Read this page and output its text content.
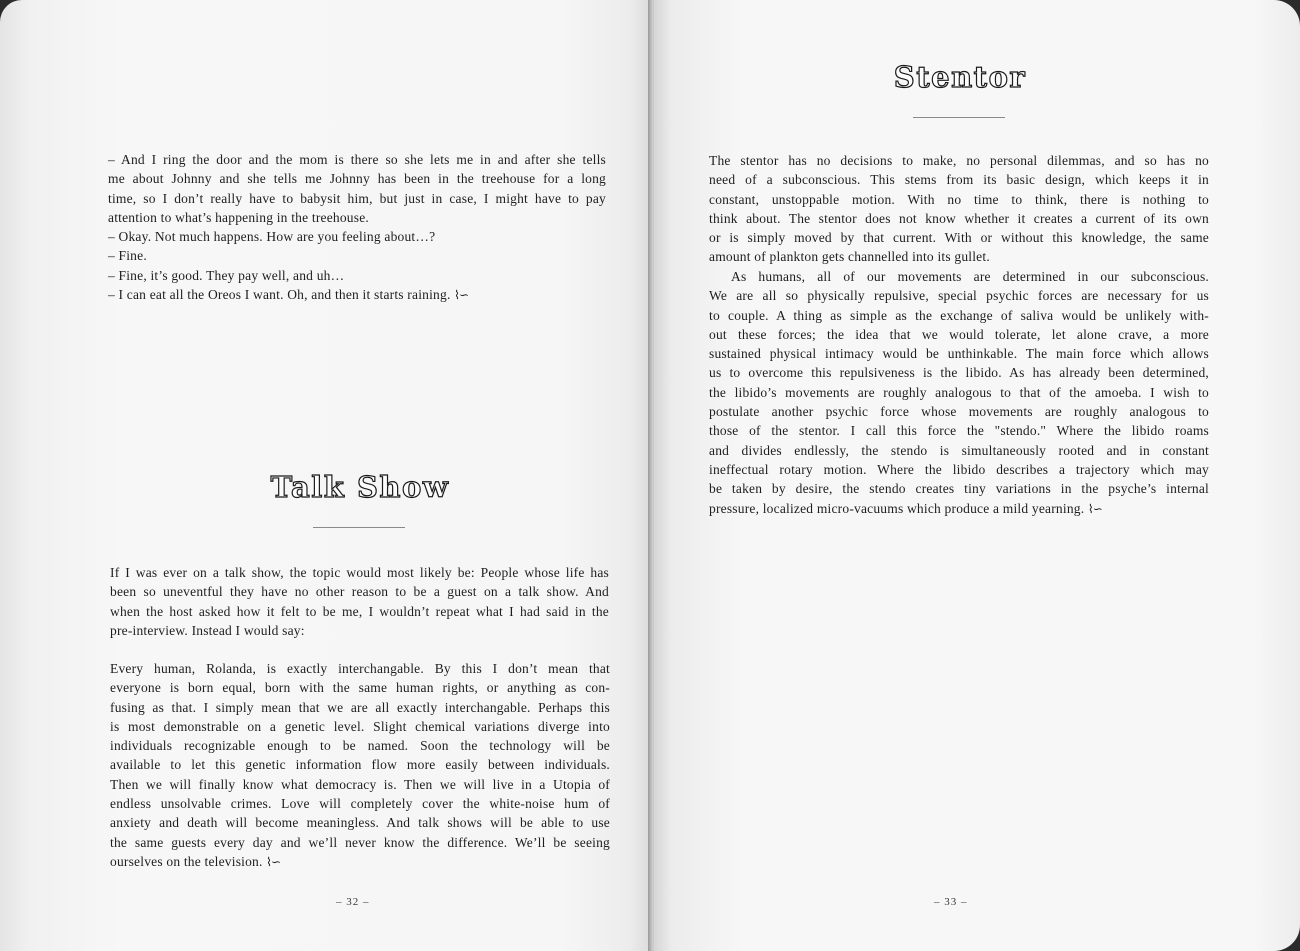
– And I ring the door and the mom is there so she lets me in and after she tells
me about Johnny and she tells me Johnny has been in the treehouse for a long
time, so I don’t really have to babysit him, but just in case, I might have to pay
attention to what’s happening in the treehouse.
– Okay. Not much happens. How are you feeling about…?
– Fine.
– Fine, it’s good. They pay well, and uh…
– I can eat all the Oreos I want. Oh, and then it starts raining. ⌇∽
Talk Show
If I was ever on a talk show, the topic would most likely be: People whose life has
been so uneventful they have no other reason to be a guest on a talk show. And
when the host asked how it felt to be me, I wouldn’t repeat what I had said in the
pre-interview. Instead I would say:
Every human, Rolanda, is exactly interchangable. By this I don’t mean that
everyone is born equal, born with the same human rights, or anything as con-
fusing as that. I simply mean that we are all exactly interchangable. Perhaps this
is most demonstrable on a genetic level. Slight chemical variations diverge into
individuals recognizable enough to be named. Soon the technology will be
available to let this genetic information flow more easily between individuals.
Then we will finally know what democracy is. Then we will live in a Utopia of
endless unsolvable crimes. Love will completely cover the white-noise hum of
anxiety and death will become meaningless. And talk shows will be able to use
the same guests every day and we’ll never know the difference. We’ll be seeing
ourselves on the television. ⌇∽
– 32 –
Stentor
The stentor has no decisions to make, no personal dilemmas, and so has no
need of a subconscious. This stems from its basic design, which keeps it in
constant, unstoppable motion. With no time to think, there is nothing to
think about. The stentor does not know whether it creates a current of its own
or is simply moved by that current. With or without this knowledge, the same
amount of plankton gets channelled into its gullet.
As humans, all of our movements are determined in our subconscious.
We are all so physically repulsive, special psychic forces are necessary for us
to couple. A thing as simple as the exchange of saliva would be unlikely with-
out these forces; the idea that we would tolerate, let alone crave, a more
sustained physical intimacy would be unthinkable. The main force which allows
us to overcome this repulsiveness is the libido. As has already been determined,
the libido’s movements are roughly analogous to that of the amoeba. I wish to
postulate another psychic force whose movements are roughly analogous to
those of the stentor. I call this force the "stendo." Where the libido roams
and divides endlessly, the stendo is simultaneously rooted and in constant
ineffectual rotary motion. Where the libido describes a trajectory which may
be taken by desire, the stendo creates tiny variations in the psyche’s internal
pressure, localized micro-vacuums which produce a mild yearning. ⌇∽
– 33 –
